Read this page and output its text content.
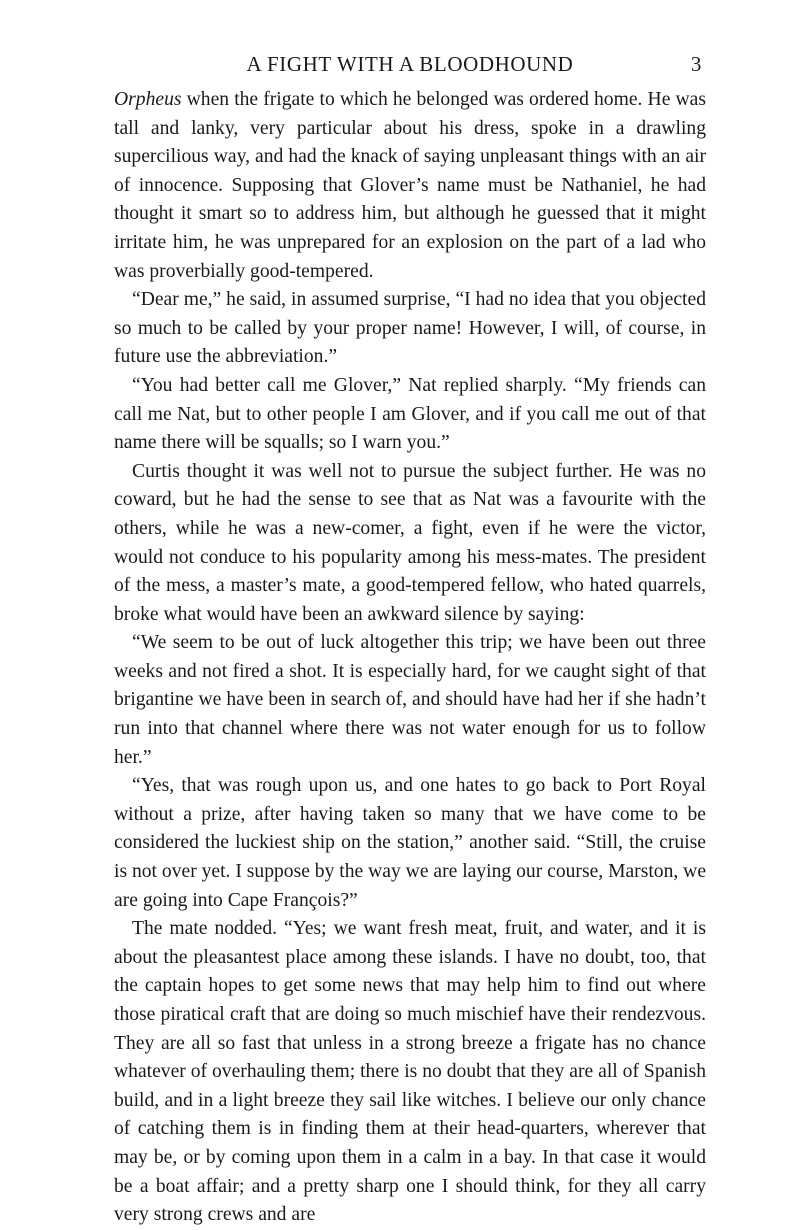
A FIGHT WITH A BLOODHOUND	3

Orpheus when the frigate to which he belonged was ordered home. He was tall and lanky, very particular about his dress, spoke in a drawling supercilious way, and had the knack of saying unpleasant things with an air of innocence. Supposing that Glover’s name must be Nathaniel, he had thought it smart so to address him, but although he guessed that it might irritate him, he was unprepared for an explosion on the part of a lad who was proverbially good-tempered.

“Dear me,” he said, in assumed surprise, “I had no idea that you objected so much to be called by your proper name! However, I will, of course, in future use the abbreviation.”

“You had better call me Glover,” Nat replied sharply. “My friends can call me Nat, but to other people I am Glover, and if you call me out of that name there will be squalls; so I warn you.”

Curtis thought it was well not to pursue the subject further. He was no coward, but he had the sense to see that as Nat was a favourite with the others, while he was a new-comer, a fight, even if he were the victor, would not conduce to his popularity among his mess-mates. The president of the mess, a master’s mate, a good-tempered fellow, who hated quarrels, broke what would have been an awkward silence by saying:

“We seem to be out of luck altogether this trip; we have been out three weeks and not fired a shot. It is especially hard, for we caught sight of that brigantine we have been in search of, and should have had her if she hadn’t run into that channel where there was not water enough for us to follow her.”

“Yes, that was rough upon us, and one hates to go back to Port Royal without a prize, after having taken so many that we have come to be considered the luckiest ship on the station,” another said. “Still, the cruise is not over yet. I suppose by the way we are laying our course, Marston, we are going into Cape François?”

The mate nodded. “Yes; we want fresh meat, fruit, and water, and it is about the pleasantest place among these islands. I have no doubt, too, that the captain hopes to get some news that may help him to find out where those piratical craft that are doing so much mischief have their rendezvous. They are all so fast that unless in a strong breeze a frigate has no chance whatever of overhauling them; there is no doubt that they are all of Spanish build, and in a light breeze they sail like witches. I believe our only chance of catching them is in finding them at their head-quarters, wherever that may be, or by coming upon them in a calm in a bay. In that case it would be a boat affair; and a pretty sharp one I should think, for they all carry very strong crews and are
